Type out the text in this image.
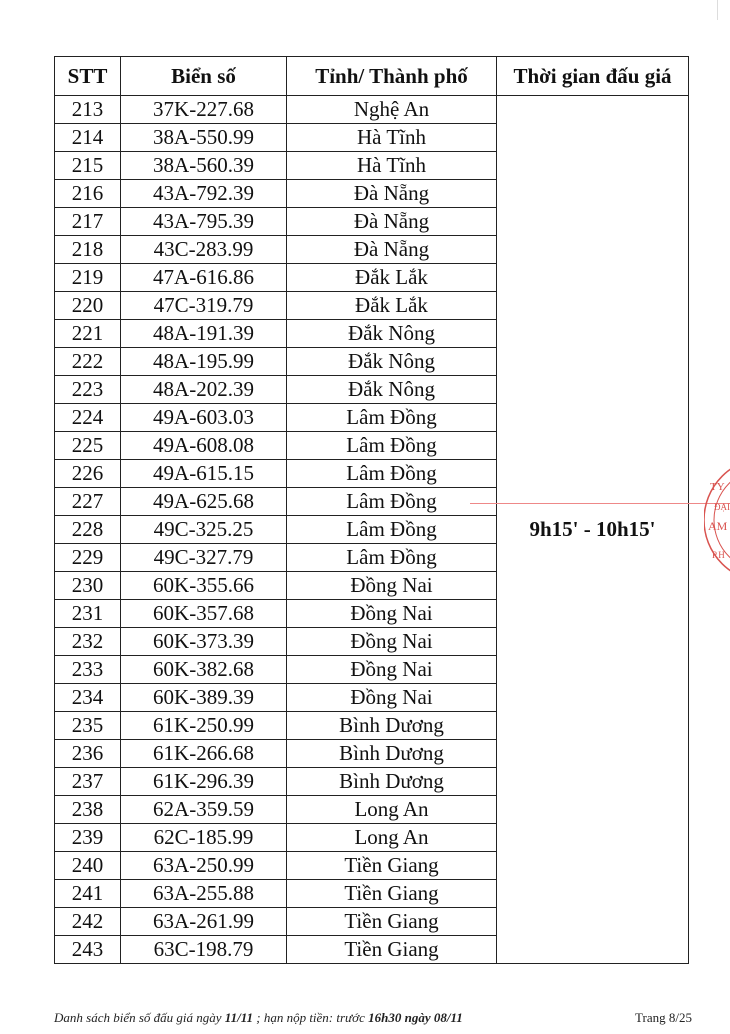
STT	Biển số	Tỉnh/ Thành phố	Thời gian đấu giá
213	37K-227.68	Nghệ An	9h15' - 10h15'
214	38A-550.99	Hà Tĩnh	
215	38A-560.39	Hà Tĩnh	
216	43A-792.39	Đà Nẵng	
217	43A-795.39	Đà Nẵng	
218	43C-283.99	Đà Nẵng	
219	47A-616.86	Đắk Lắk	
220	47C-319.79	Đắk Lắk	
221	48A-191.39	Đắk Nông	
222	48A-195.99	Đắk Nông	
223	48A-202.39	Đắk Nông	
224	49A-603.03	Lâm Đồng	
225	49A-608.08	Lâm Đồng	
226	49A-615.15	Lâm Đồng	
227	49A-625.68	Lâm Đồng	
228	49C-325.25	Lâm Đồng	
229	49C-327.79	Lâm Đồng	
230	60K-355.66	Đồng Nai	
231	60K-357.68	Đồng Nai	
232	60K-373.39	Đồng Nai	
233	60K-382.68	Đồng Nai	
234	60K-389.39	Đồng Nai	
235	61K-250.99	Bình Dương	
236	61K-266.68	Bình Dương	
237	61K-296.39	Bình Dương	
238	62A-359.59	Long An	
239	62C-185.99	Long An	
240	63A-250.99	Tiền Giang	
241	63A-255.88	Tiền Giang	
242	63A-261.99	Tiền Giang	
243	63C-198.79	Tiền Giang	
TY
ĐẠI
AM
P.H
Danh sách biển số đấu giá ngày 11/11 ; hạn nộp tiền: trước 16h30 ngày 08/11	Trang 8/25
